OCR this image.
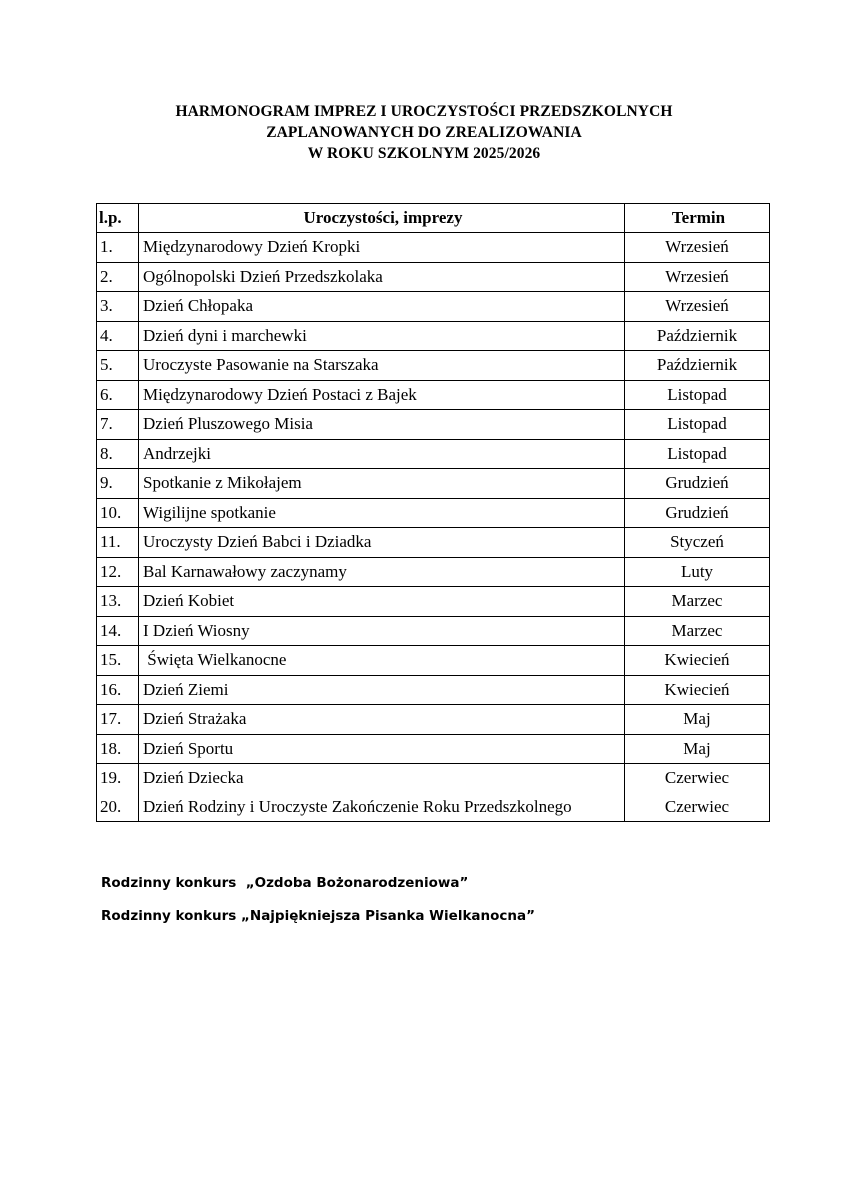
HARMONOGRAM IMPREZ I UROCZYSTOŚCI PRZEDSZKOLNYCH
ZAPLANOWANYCH DO ZREALIZOWANIA
W ROKU SZKOLNYM 2025/2026
l.p.	Uroczystości, imprezy	Termin
1.	Międzynarodowy Dzień Kropki	Wrzesień
2.	Ogólnopolski Dzień Przedszkolaka	Wrzesień
3.	Dzień Chłopaka	Wrzesień
4.	Dzień dyni i marchewki	Październik
5.	Uroczyste Pasowanie na Starszaka	Październik
6.	Międzynarodowy Dzień Postaci z Bajek	Listopad
7.	Dzień Pluszowego Misia	Listopad
8.	Andrzejki	Listopad
9.	Spotkanie z Mikołajem	Grudzień
10.	Wigilijne spotkanie	Grudzień
11.	Uroczysty Dzień Babci i Dziadka	Styczeń
12.	Bal Karnawałowy zaczynamy	Luty
13.	Dzień Kobiet	Marzec
14.	I Dzień Wiosny	Marzec
15.	Święta Wielkanocne	Kwiecień
16.	Dzień Ziemi	Kwiecień
17.	Dzień Strażaka	Maj
18.	Dzień Sportu	Maj
19.	Dzień Dziecka	Czerwiec
20.	Dzień Rodziny i Uroczyste Zakończenie Roku Przedszkolnego	Czerwiec
Rodzinny konkurs  „Ozdoba Bożonarodzeniowa”
Rodzinny konkurs „Najpiękniejsza Pisanka Wielkanocna”
